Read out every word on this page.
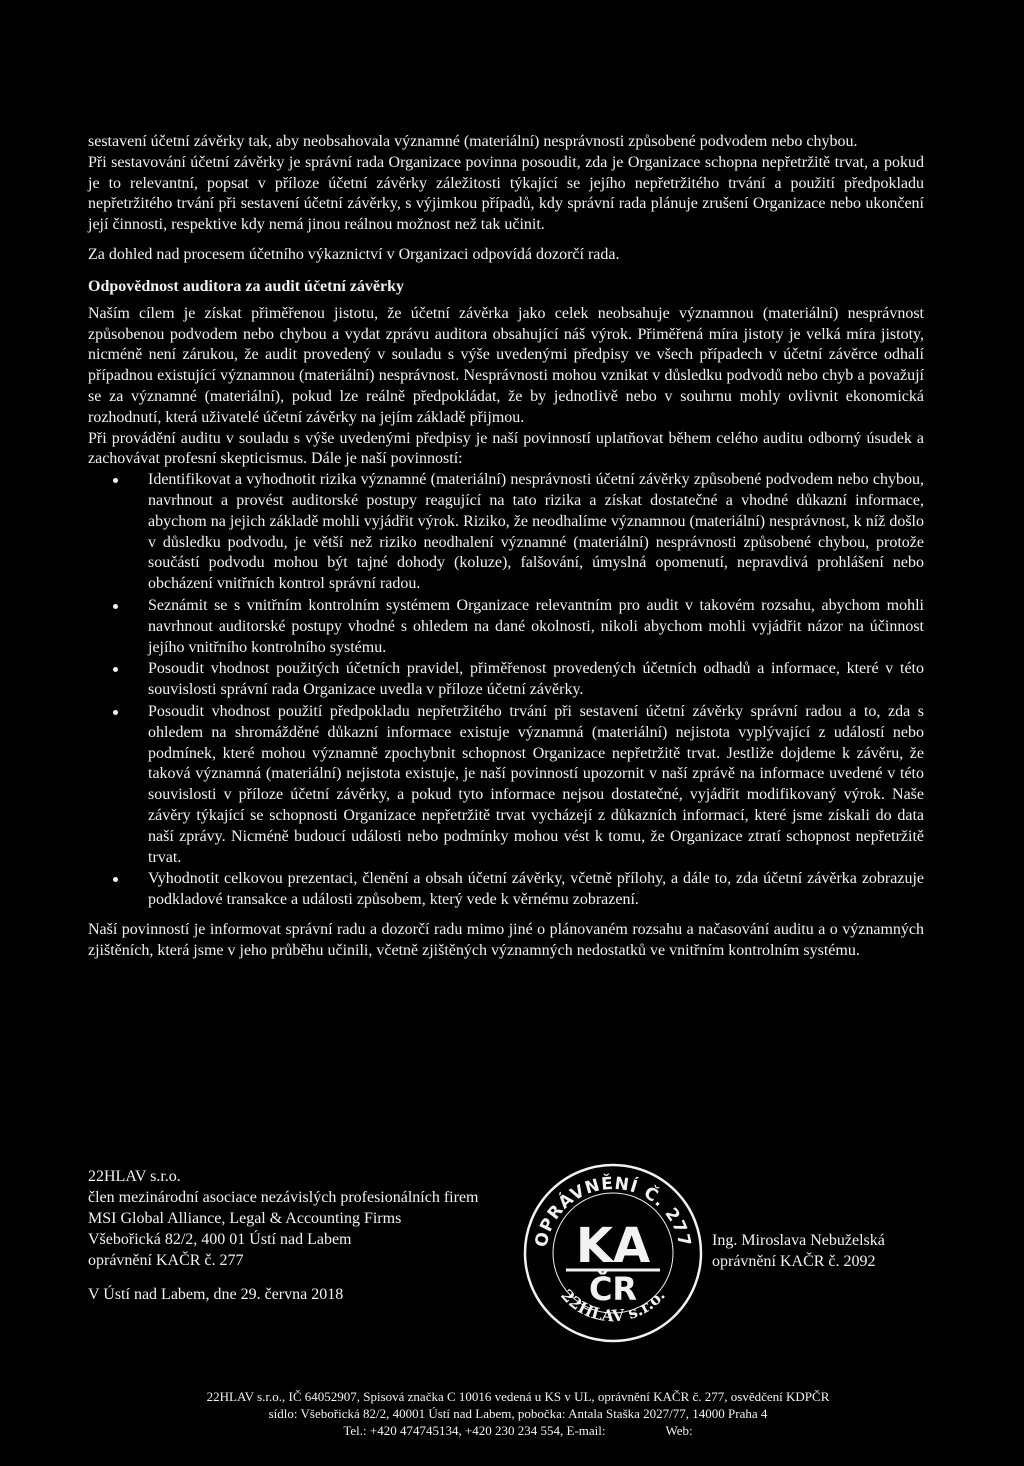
sestavení účetní závěrky tak, aby neobsahovala významné (materiální) nesprávnosti způsobené podvodem nebo chybou.

Při sestavování účetní závěrky je správní rada Organizace povinna posoudit, zda je Organizace schopna nepřetržitě trvat, a pokud je to relevantní, popsat v příloze účetní závěrky záležitosti týkající se jejího nepřetržitého trvání a použití předpokladu nepřetržitého trvání při sestavení účetní závěrky, s výjimkou případů, kdy správní rada plánuje zrušení Organizace nebo ukončení její činnosti, respektive kdy nemá jinou reálnou možnost než tak učinit.

Za dohled nad procesem účetního výkaznictví v Organizaci odpovídá dozorčí rada.

Odpovědnost auditora za audit účetní závěrky

Naším cílem je získat přiměřenou jistotu, že účetní závěrka jako celek neobsahuje významnou (materiální) nesprávnost způsobenou podvodem nebo chybou a vydat zprávu auditora obsahující náš výrok. Přiměřená míra jistoty je velká míra jistoty, nicméně není zárukou, že audit provedený v souladu s výše uvedenými předpisy ve všech případech v účetní závěrce odhalí případnou existující významnou (materiální) nesprávnost. Nesprávnosti mohou vznikat v důsledku podvodů nebo chyb a považují se za významné (materiální), pokud lze reálně předpokládat, že by jednotlivě nebo v souhrnu mohly ovlivnit ekonomická rozhodnutí, která uživatelé účetní závěrky na jejím základě přijmou.

Při provádění auditu v souladu s výše uvedenými předpisy je naší povinností uplatňovat během celého auditu odborný úsudek a zachovávat profesní skepticismus. Dále je naší povinností:

Identifikovat a vyhodnotit rizika významné (materiální) nesprávnosti účetní závěrky způsobené podvodem nebo chybou, navrhnout a provést auditorské postupy reagující na tato rizika a získat dostatečné a vhodné důkazní informace, abychom na jejich základě mohli vyjádřit výrok. Riziko, že neodhalíme významnou (materiální) nesprávnost, k níž došlo v důsledku podvodu, je větší než riziko neodhalení významné (materiální) nesprávnosti způsobené chybou, protože součástí podvodu mohou být tajné dohody (koluze), falšování, úmyslná opomenutí, nepravdivá prohlášení nebo obcházení vnitřních kontrol správní radou.
Seznámit se s vnitřním kontrolním systémem Organizace relevantním pro audit v takovém rozsahu, abychom mohli navrhnout auditorské postupy vhodné s ohledem na dané okolnosti, nikoli abychom mohli vyjádřit názor na účinnost jejího vnitřního kontrolního systému.
Posoudit vhodnost použitých účetních pravidel, přiměřenost provedených účetních odhadů a informace, které v této souvislosti správní rada Organizace uvedla v příloze účetní závěrky.
Posoudit vhodnost použití předpokladu nepřetržitého trvání při sestavení účetní závěrky správní radou a to, zda s ohledem na shromážděné důkazní informace existuje významná (materiální) nejistota vyplývající z událostí nebo podmínek, které mohou významně zpochybnit schopnost Organizace nepřetržitě trvat. Jestliže dojdeme k závěru, že taková významná (materiální) nejistota existuje, je naší povinností upozornit v naší zprávě na informace uvedené v této souvislosti v příloze účetní závěrky, a pokud tyto informace nejsou dostatečné, vyjádřit modifikovaný výrok. Naše závěry týkající se schopnosti Organizace nepřetržitě trvat vycházejí z důkazních informací, které jsme získali do data naší zprávy. Nicméně budoucí události nebo podmínky mohou vést k tomu, že Organizace ztratí schopnost nepřetržitě trvat.
Vyhodnotit celkovou prezentaci, členění a obsah účetní závěrky, včetně přílohy, a dále to, zda účetní závěrka zobrazuje podkladové transakce a události způsobem, který vede k věrnému zobrazení.

Naší povinností je informovat správní radu a dozorčí radu mimo jiné o plánovaném rozsahu a načasování auditu a o významných zjištěních, která jsme v jeho průběhu učinili, včetně zjištěných významných nedostatků ve vnitřním kontrolním systému.

22HLAV s.r.o.
člen mezinárodní asociace nezávislých profesionálních firem
MSI Global Alliance, Legal & Accounting Firms
Všebořická 82/2, 400 01 Ústí nad Labem
oprávnění KAČR č. 277
V Ústí nad Labem, dne 29. června 2018
OPRÁVNĚNÍ Č. 277
KA
ČR
22HLAV s.r.o.
Ing. Miroslava Nebuželská
oprávnění KAČR č. 2092
22HLAV s.r.o., IČ 64052907, Spisová značka C 10016 vedená u KS v UL, oprávnění KAČR č. 277, osvědčení KDPČR
sídlo: Všebořická 82/2, 40001 Ústí nad Labem, pobočka: Antala Staška 2027/77, 14000 Praha 4
Tel.: +420 474745134, +420 230 234 554, E-mail:	Web:
